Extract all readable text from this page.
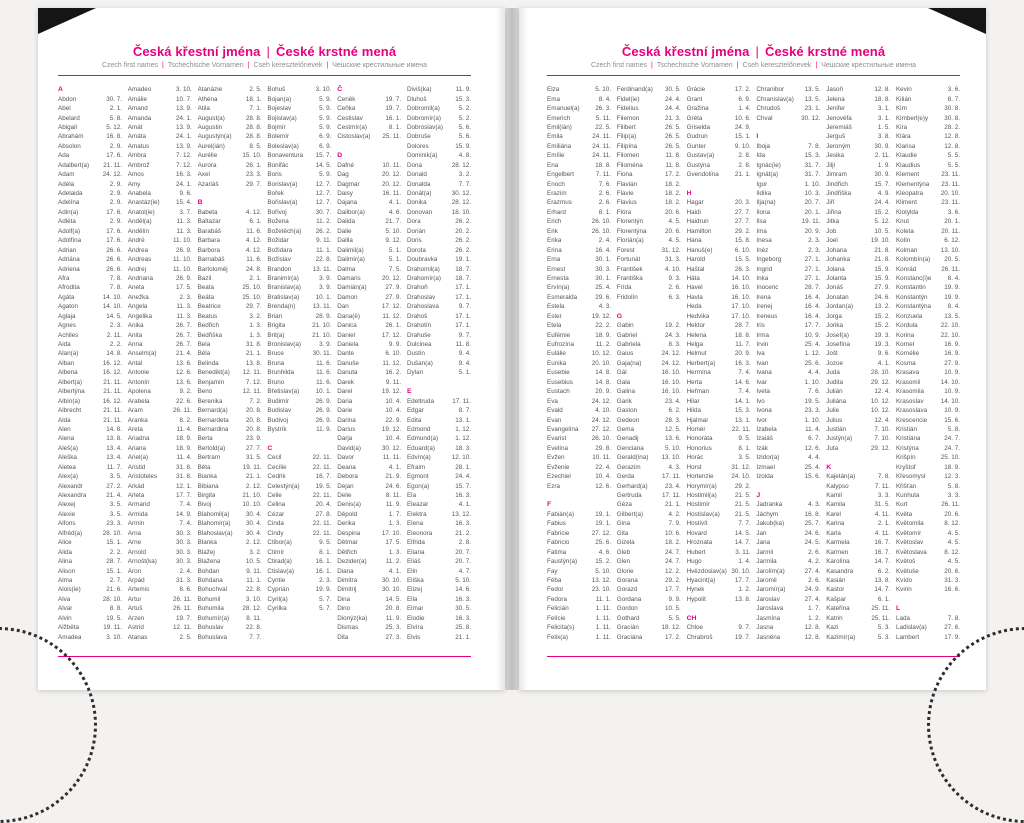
Česká křestní jména | České krstné mená
Czech first names | Tschechische Vornamen | Cseh keresztelőnevek | Чешские крестильные имена
A
Abdon	30. 7.
Ábel	2. 1.
Abelard	5. 8.
Abigail	5. 12.
Abrahám	16. 8.
Absolon	2. 9.
Ada	17. 6.
Adalbert(a)	21. 11.
Adam	24. 12.
Adéla	2. 9.
Adelaida	2. 9.
Adelína	2. 9.
Adin(a)	17. 6.
Adléta	2. 9.
Adolf(a)	17. 6.
Adolfína	17. 6.
Adrian	26. 6.
Adriána	26. 6.
Adriena	26. 6.
Afra	7. 8.
Afrodita	7. 8.
Agáta	14. 10.
Agaton	14. 10.
Aglaja	14. 5.
Agnes	2. 3.
Achiles	2. 11.
Aida	2. 2.
Alan(a)	14. 8.
Alban	16. 12.
Albena	16. 12.
Albert(a)	21. 11.
Albertýna	21. 11.
Albín(a)	16. 12.
Albrecht	21. 11.
Alda	21. 11.
Alen	14. 8.
Alena	13. 8.
Aleš(a)	13. 4.
Aleška	13. 4.
Aletea	11. 7.
Alex(a)	3. 5.
Alexandr	27. 2.
Alexandra	21. 4.
Alexej	3. 5.
Alexie	3. 5.
Alfons	23. 3.
Alfréd(a)	28. 10.
Alice	15. 1.
Alida	2. 2.
Alina	28. 7.
Alison	15. 1.
Alma	2. 7.
Alois(ie)	21. 6.
Alva	28. 10.
Alvar	8. 8.
Alvin	19. 5.
Alžběta	19. 11.
Amadea	3. 10.
Amadeo	3. 10.
Amálie	10. 7.
Amand	13. 9.
Amanda	24. 1.
Amát	13. 9.
Amáta	24. 1.
Amatus	13. 9.
Ambra	7. 12.
Ambrož	7. 12.
Ámos	16. 3.
Amy	24. 1.
Anabela	9. 6.
Anastáz(ie)	15. 4.
Anatol(ie)	3. 7.
Anděl(a)	11. 3.
Andělín	11. 3.
André	11. 10.
Andrea	26. 9.
Andreas	11. 10.
Andrej	11. 10.
Andriana	26. 9.
Aneta	17. 5.
Anežka	2. 3.
Angela	11. 3.
Angelika	11. 3.
Anika	26. 7.
Anita	26. 7.
Anna	26. 7.
Anselm(a)	21. 4.
Antal	13. 6.
Antonie	12. 6.
Antonín	13. 6.
Apolena	9. 2.
Arabela	22. 6.
Aram	26. 11.
Aranka	8. 2.
Areta	11. 4.
Ariadna	18. 9.
Ariana	18. 9.
Ariel(a)	11. 4.
Aristid	31. 8.
Aristoteles	31. 8.
Arkád	12. 1.
Arleta	17. 7.
Armand	7. 4.
Armida	14. 9.
Armin	7. 4.
Arna	30. 3.
Arne	30. 3.
Arnold	30. 3.
Arnošt(ka)	30. 3.
Áron	2. 4.
Arpád	31. 3.
Artemis	8. 6.
Artur	26. 11.
Artuš	26. 11.
Arzen	19. 7.
Astrid	12. 11.
Atanas	2. 5.
Atanázie	2. 5.
Athéna	18. 1.
Atila	7. 1.
August(a)	28. 8.
Augustin	28. 8.
Augustýn(a)	28. 8.
Aurel(ián)	8. 5.
Aurélie	15. 10.
Aurora	26. 1.
Axel	23. 3.
Azariáš	29. 7.
B
Babeta	4. 12.
Baltazar	6. 1.
Barabáš	11. 6.
Barbara	4. 12.
Barbora	4. 12.
Barnabáš	11. 6.
Bartoloměj	24. 8.
Bazil	2. 1.
Beata	25. 10.
Beáta	25. 10.
Beatrice	29. 7.
Beatus	3. 2.
Bedřich	1. 3.
Bedřiška	1. 3.
Bela	31. 8.
Béla	21. 1.
Belinda	13. 8.
Benedikt(a)	12. 11.
Benjamín	7. 12.
Beno	12. 11.
Berenika	7. 2.
Bernard(a)	20. 8.
Bernardeta	20. 8.
Bernardina	20. 8.
Berta	23. 9.
Bertold(a)	27. 7.
Bertram	31. 5.
Běta	19. 11.
Bianka	21. 1.
Bibiana	2. 12.
Birgita	21. 10.
Bivoj	10. 10.
Blahomil(a)	30. 4.
Blahomír(a)	30. 4.
Blahoslav(a)	30. 4.
Blanka	2. 12.
Blažej	3. 2.
Blažena	10. 5.
Bohdan	9. 11.
Bohdana	11. 1.
Bohuchval	22. 8.
Bohumil	3. 10.
Bohumila	28. 12.
Bohumír(a)	8. 11.
Bohuslav	22. 8.
Bohuslava	7. 7.
Bohuš	3. 10.
Bojan(a)	5. 9.
Bojeslav	5. 9.
Bojislav(a)	5. 9.
Bojmír	5. 9.
Bolemír	6. 9.
Boleslav(a)	6. 9.
Bonaventura	15. 7.
Bonifác	14. 5.
Boris	5. 9.
Borislav(a)	12. 7.
Bořek	12. 7.
Bořislav(a)	12. 7.
Bořivoj	30. 7.
Božena	11. 2.
Božetěch(a)	26. 2.
Božidar	9. 11.
Božidara	11. 1.
Božislav	22. 8.
Brandon	13. 11.
Branimír(a)	3. 9.
Branislav(a)	3. 9.
Bratislav(a)	10. 1.
Brenda(n)	13. 11.
Brian	28. 9.
Brigita	21. 10.
Brit(a)	21. 10.
Bronislav(a)	3. 9.
Bruce	30. 11.
Bruna	11. 6.
Brunhilda	11. 6.
Bruno	11. 6.
Břetislav(a)	10. 1.
Budimír	26. 9.
Budislav	26. 9.
Budivoj	26. 9.
Bystrík	11. 9.
C
Cecil	22. 11.
Cecílie	22. 11.
Cedrik	16. 7.
Celestýn(a)	19. 5.
Celie	22. 11.
Celina	20. 4.
Cézar	27. 8.
Cinda	22. 11.
Cindy	22. 11.
Ctibor(a)	9. 5.
Ctimír	8. 1.
Ctirad(a)	16. 1.
Ctislav(a)	16. 1.
Cyntie	2. 3.
Cyprián	19. 9.
Cyril(a)	5. 7.
Cyrilka	5. 7.
Č
Čeněk	19. 7.
Čeňka	19. 7.
Čestislav	16. 1.
Čestmír(a)	8. 1.
Čistoslav(a)	25. 11.
D
Dafné	10. 11.
Dag	20. 12.
Dagmar	20. 12.
Daisy	16. 11.
Dajana	4. 1.
Dalibor(a)	4. 6.
Dalida	21. 7.
Dalie	5. 10.
Dalila	9. 12.
Dalimil(a)	5. 1.
Dalimír(a)	5. 1.
Dalma	7. 5.
Damaris	20. 12.
Damián(a)	27. 9.
Damon	27. 9.
Dan	17. 12.
Dana(é)	11. 12.
Danica	26. 1.
Daniel	17. 12.
Daniela	9. 9.
Dante	6. 10.
Danuše	11. 12.
Danuta	16. 2.
Darek	9. 11.
Darel	19. 12.
Daria	10. 4.
Darie	10. 4.
Darina	22. 9.
Darius	19. 12.
Darja	10. 4.
David(a)	30. 12.
Davor	11. 11.
Deana	4. 1.
Debora	21. 9.
Dejan	24. 6.
Delie	8. 11.
Denis(a)	11. 9.
Děpold	1. 7.
Derika	1. 3.
Despina	17. 10.
Dětmar	17. 5.
Dětřich	1. 3.
Dezider(a)	11. 2.
Diana	4. 1.
Dimitra	30. 10.
Dimitrij	30. 10.
Dina	14. 5.
Dino	20. 8.
Dionýz(ka)	11. 9.
Dismas	25. 3.
Dita	27. 3.
Diviš(ka)	11. 9.
Dluhoš	15. 3.
Dobromil(a)	5. 2.
Dobromír(a)	5. 2.
Dobroslav(a)	5. 6.
Dobruše	5. 6.
Dolores	15. 9.
Dominik(a)	4. 8.
Dona	28. 12.
Donald	3. 2.
Donalda	7. 7.
Donát(a)	30. 12.
Donika	28. 12.
Donovan	18. 10.
Dora	26. 2.
Dorián	20. 2.
Doris	26. 2.
Dorota	26. 2.
Doubravka	19. 1.
Drahomil(a)	18. 7.
Drahomír(a)	18. 7.
Drahoň	17. 1.
Drahoslav	17. 1.
Drahoslava	9. 7.
Drahoš	17. 1.
Drahotín	17. 1.
Drahuše	9. 7.
Dulcinea	11. 8.
Dustin	9. 4.
Dušan(a)	9. 4.
Dylan	5. 1.
E
Edeltruda	17. 11.
Edgar	8. 7.
Edita	13. 1.
Edmond	1. 12.
Edmund(a)	1. 12.
Eduard(a)	18. 3.
Edvín(a)	12. 10.
Efraim	28. 1.
Egmont	24. 4.
Egon(a)	15. 7.
Ela	16. 3.
Eleazar	4. 1.
Elektra	13. 12.
Elena	16. 3.
Eleonora	21. 2.
Elfrida	2. 8.
Eliana	20. 7.
Eliáš	20. 7.
Elin	4. 7.
Eliška	5. 10.
Elizej	14. 6.
Ella	16. 3.
Elmar	30. 5.
Elodie	16. 3.
Elvíra	25. 8.
Elvis	21. 1.
Česká křestní jména | České krstné mená
Czech first names | Tschechische Vornamen | Cseh keresztelőnevek | Чешские крестильные имена
Elza	5. 10.
Ema	8. 4.
Emanuel(a)	26. 3.
Emerich	5. 11.
Emil(ián)	22. 5.
Emila	24. 11.
Emiliána	24. 11.
Emílie	24. 11.
Ena	18. 8.
Engelbert	7. 11.
Enoch	7. 6.
Erazim	2. 6.
Erazmus	2. 6.
Erhard	8. 1.
Erich	26. 10.
Erik	26. 10.
Erika	2. 4.
Erina	16. 4.
Erna	30. 1.
Ernest	30. 3.
Ernesta	30. 1.
Ervín(a)	25. 4.
Esmeralda	29. 6.
Estela	4. 3.
Ester	19. 12.
Etela	22. 2.
Eufémie	18. 9.
Eufrozína	11. 2.
Eulálie	10. 12.
Eunika	20. 10.
Eusebie	14. 8.
Eusebius	14. 8.
Eustach	20. 9.
Eva	24. 12.
Evald	4. 10.
Evan	24. 12.
Evangelína	27. 12.
Evarist	26. 10.
Evelína	29. 8.
Evžen	10. 11.
Evženie	22. 4.
Ezechiel	10. 4.
Ezra	12. 6.
F
Fabián(a)	19. 1.
Fabius	19. 1.
Fabricie	27. 12.
Fabricio	25. 6.
Fatima	4. 6.
Faustýn(a)	15. 2.
Fay	5. 10.
Féba	13. 12.
Fedor	23. 10.
Fedora	11. 1.
Felicián	1. 11.
Felície	1. 11.
Felicita(s)	1. 11.
Felix(a)	1. 11.
Ferdinand(a)	30. 5.
Fidel(ie)	24. 4.
Fidelius	24. 4.
Filemon	21. 3.
Filibert	26. 5.
Filip(a)	26. 5.
Filipína	26. 5.
Filomen	11. 8.
Filoména	11. 8.
Fiona	17. 2.
Flavián	18. 2.
Flavie	18. 2.
Flavius	18. 2.
Flóra	20. 6.
Florentýn	4. 5.
Florentýna	20. 6.
Florián(a)	4. 5.
Forest	31. 12.
Fortunát	31. 3.
František	4. 10.
Františka	9. 3.
Frída	2. 6.
Fridolín	6. 3.
G
Gabin	19. 2.
Gabriel	24. 3.
Gabriela	8. 3.
Gaius	24. 12.
Gaja(na)	24. 12.
Gál	16. 10.
Gala	16. 10.
Galina	16. 10.
Garik	23. 4.
Gaston	6. 2.
Gedeon	28. 3.
Gema	12. 5.
Genadij	13. 6.
Genciana	5. 10.
Gerald(ina)	13. 10.
Gerazim	4. 3.
Gerda	17. 11.
Gerhard(a)	23. 4.
Gertruda	17. 11.
Géza	21. 1.
Gilbert(a)	4. 2.
Gina	7. 9.
Gita	10. 6.
Gizela	18. 2.
Gleb	24. 7.
Glen	24. 7.
Glorie	12. 2.
Gorana	29. 2.
Gorazd	17. 7.
Gordana	9. 9.
Gordon	10. 5.
Gothard	5. 5.
Gracián	18. 12.
Graciána	17. 2.
Grácie	17. 2.
Grant	6. 9.
Gražina	1. 4.
Gréta	10. 6.
Griselda	24. 9.
Gudrun	15. 1.
Gunter	9. 10.
Gustav(a)	2. 8.
Gustýna	2. 8.
Gvendolína	21. 1.
H
Hagar	20. 3.
Haidi	27. 7.
Haidrun	27. 7.
Hamilton	29. 2.
Hana	15. 8.
Hanuš(e)	6. 10.
Harold	15. 5.
Haštal	26. 3.
Háta	14. 10.
Havel	16. 10.
Havla	16. 10.
Heda	17. 10.
Hedvika	17. 10.
Hektor	28. 7.
Helena	18. 8.
Helga	11. 7.
Helmut	20. 9.
Herbert(a)	16. 3.
Hermína	7. 4.
Herta	14. 6.
Heřman	7. 4.
Hilar	14. 1.
Hilda	15. 3.
Hjalmar	13. 1.
Homér	22. 11.
Honoráta	9. 5.
Honorius	8. 1.
Horác	3. 5.
Horst	31. 12.
Hortenzie	24. 10.
Horymír(a)	29. 2.
Hostimil(a)	21. 5.
Hostimír	21. 5.
Hostislav(a)	21. 5.
Hostivít	7. 7.
Hovard	14. 5.
Hroznata	14. 7.
Hubert	3. 11.
Hugo	1. 4.
Hvězdoslav(a) 30. 10.
Hyacint(a)	17. 7.
Hynek	1. 2.
Hypolit	13. 8.
CH
Chloe	9. 7.
Chrabroš	19. 7.
Chranibor	13. 5.
Chranislav(a)	13. 5.
Chrudoš	23. 1.
Chval	30. 12.
I
Iboja	7. 8.
Ida	15. 3.
Ignác(ie)	31. 7.
Ignát(a)	31. 7.
Igor	1. 10.
Ildika	10. 3.
Ilja(na)	20. 7.
Ilona	20. 1.
Ilsa	19. 11.
Ima	20. 9.
Inesa	2. 3.
Inéz	2. 3.
Ingeborg	27. 1.
Ingrid	27. 1.
Inka	27. 1.
Inocenc	28. 7.
Irena	16. 4.
Irenej	16. 4.
Ireneus	16. 4.
Iris	17. 7.
Irma	10. 9.
Irvin	25. 4.
Iva	1. 12.
Ivan	25. 6.
Ivana	4. 4.
Ivar	1. 10.
Iveta	7. 6.
Ivo	19. 5.
Ivona	23. 3.
Ivor	1. 10.
Izabela	11. 4.
Izaiáš	6. 7.
Izák	12. 6.
Izidor(a)	4. 4.
Izmael	25. 4.
Izolda	15. 6.
J
Jadranka	4. 3.
Jáchym	16. 8.
Jakub(ka)	25. 7.
Jan	24. 6.
Jana	24. 5.
Jarmil	2. 6.
Jarmila	4. 2.
Jarolím(a)	27. 4.
Jaromil	2. 6.
Jaromír(a)	24. 9.
Jaroslav	27. 4.
Jaroslava	1. 7.
Jasmína	1. 2.
Jasna	12. 8.
Jasněna	12. 8.
Jasoň	12. 8.
Jelena	18. 8.
Jenifer	3. 1.
Jenovéfa	3. 1.
Jeremiáš	1. 5.
Jerguš	3. 8.
Jeroným	30. 9.
Jesika	2. 11.
Jiljí	1. 9.
Jimram	30. 9.
Jindřich	15. 7.
Jindřiška	4. 9.
Jiří	24. 4.
Jiřina	15. 2.
Jitka	5. 12.
Job	10. 5.
Joel	19. 10.
Johana	21. 8.
Johanka	21. 8.
Jolana	15. 9.
Jolanta	15. 9.
Jonáš	27. 9.
Jonatan	24. 6.
Jordan(a)	13. 2.
Jorga	15. 2.
Jorika	15. 2.
Josef(a)	19. 3.
Josefína	19. 3.
Jošt	9. 6.
Jozue	4. 1.
Juda	28. 10.
Judita	29. 12.
Julián	12. 4.
Juliána	10. 12.
Julie	10. 12.
Julius	12. 4.
Justián	7. 10.
Justýn(a)	7. 10.
Juta	29. 12.
K
Kajetán(a)	7. 8.
Kalypso	7. 11.
Kamil	3. 3.
Kamila	31. 5.
Karel	4. 11.
Karina	2. 1.
Karla	4. 11.
Karmela	16. 7.
Karmen	16. 7.
Karolína	14. 7.
Kasandra	6. 2.
Kasián	13. 8.
Kastor	14. 7.
Kašpar	6. 1.
Kateřina	25. 11.
Katrin	25. 11.
Kazi	5. 3.
Kazimír(a)	5. 3.
Kevin	3. 6.
Kilián	8. 7.
Kim	30. 8.
Kimberl(e)y	30. 8.
Kira	28. 2.
Klára	12. 8.
Klarisa	12. 8.
Klaudie	5. 5.
Klaudius	5. 5.
Klement	23. 11.
Klementýna	23. 11.
Kleopatra	20. 10.
Kliment	23. 11.
Klotylda	3. 6.
Knut	20. 1.
Koleta	20. 11.
Kolín	6. 12.
Kolman	13. 10.
Kolombín(a)	20. 5.
Konrád	26. 11.
Konstanc(i)e	8. 4.
Konstantin	19. 9.
Konstantýn	19. 9.
Konstantýna	8. 4.
Konzuela	13. 5.
Kordula	22. 10.
Korina	22. 10.
Kornel	16. 9.
Kornélie	16. 9.
Kosma	27. 9.
Krasava	10. 9.
Krasomil	14. 10.
Krasomila	10. 9.
Krasoslav	14. 10.
Krasoslava	10. 9.
Krescencie	15. 6.
Kristián	5. 8.
Kristiána	24. 7.
Kristýna	24. 7.
Krišpín	25. 10.
Kryštof	18. 9.
Křesomysl	12. 3.
Křišťan	5. 8.
Kunhuta	3. 3.
Kurt	26. 11.
Květa	20. 6.
Květomila	8. 12.
Květomír	4. 5.
Květoslav	4. 5.
Květoslava	8. 12.
Květoš	4. 5.
Květuše	20. 6.
Kvído	31. 3.
Kvirin	16. 6.
L
Lada	7. 8.
Ladislav(a)	27. 6.
Lambert	17. 9.
